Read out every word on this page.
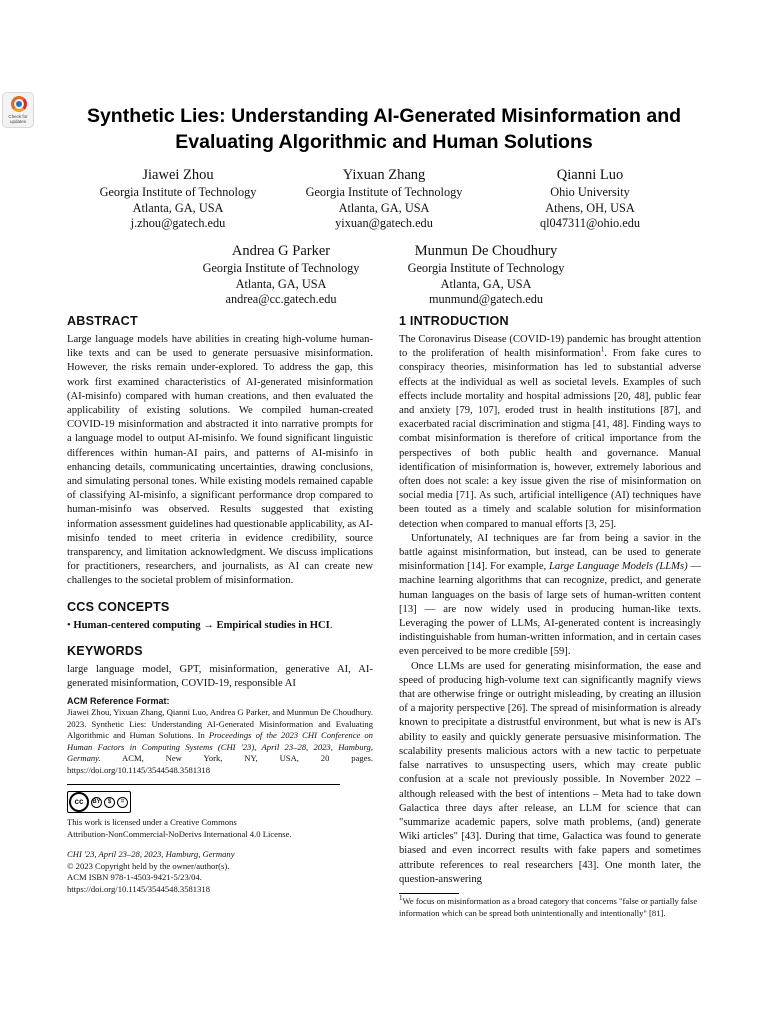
Check for updates	Synthetic Lies: Understanding AI-Generated Misinformation and
Evaluating Algorithmic and Human Solutions
Jiawei Zhou
Georgia Institute of Technology
Atlanta, GA, USA
j.zhou@gatech.edu
Yixuan Zhang
Georgia Institute of Technology
Atlanta, GA, USA
yixuan@gatech.edu
Qianni Luo
Ohio University
Athens, OH, USA
ql047311@ohio.edu
Andrea G Parker
Georgia Institute of Technology
Atlanta, GA, USA
andrea@cc.gatech.edu
Munmun De Choudhury
Georgia Institute of Technology
Atlanta, GA, USA
munmund@gatech.edu
ABSTRACT
Large language models have abilities in creating high-volume human-like texts and can be used to generate persuasive misinformation. However, the risks remain under-explored. To address the gap, this work first examined characteristics of AI-generated misinformation (AI-misinfo) compared with human creations, and then evaluated the applicability of existing solutions. We compiled human-created COVID-19 misinformation and abstracted it into narrative prompts for a language model to output AI-misinfo. We found significant linguistic differences within human-AI pairs, and patterns of AI-misinfo in enhancing details, communicating uncertainties, drawing conclusions, and simulating personal tones. While existing models remained capable of classifying AI-misinfo, a significant performance drop compared to human-misinfo was observed. Results suggested that existing information assessment guidelines had questionable applicability, as AI-misinfo tended to meet criteria in evidence credibility, source transparency, and limitation acknowledgment. We discuss implications for practitioners, researchers, and journalists, as AI can create new challenges to the societal problem of misinformation.
CCS CONCEPTS
• Human-centered computing → Empirical studies in HCI.
KEYWORDS
large language model, GPT, misinformation, generative AI, AI-generated misinformation, COVID-19, responsible AI
ACM Reference Format:
Jiawei Zhou, Yixuan Zhang, Qianni Luo, Andrea G Parker, and Munmun De Choudhury. 2023. Synthetic Lies: Understanding AI-Generated Misinformation and Evaluating Algorithmic and Human Solutions. In Proceedings of the 2023 CHI Conference on Human Factors in Computing Systems (CHI '23), April 23–28, 2023, Hamburg, Germany. ACM, New York, NY, USA, 20 pages. https://doi.org/10.1145/3544548.3581318
cc	BY	$	=
This work is licensed under a Creative Commons
Attribution-NonCommercial-NoDerivs International 4.0 License.
CHI '23, April 23–28, 2023, Hamburg, Germany
© 2023 Copyright held by the owner/author(s).
ACM ISBN 978-1-4503-9421-5/23/04.
https://doi.org/10.1145/3544548.3581318
1 INTRODUCTION
The Coronavirus Disease (COVID-19) pandemic has brought attention to the proliferation of health misinformation$^1$. From fake cures to conspiracy theories, misinformation has led to substantial adverse effects at the individual as well as societal levels. Examples of such effects include mortality and hospital admissions [20, 48], public fear and anxiety [79, 107], eroded trust in health institutions [87], and exacerbated racial discrimination and stigma [41, 48]. Finding ways to combat misinformation is therefore of critical importance from the perspectives of both public health and governance. Manual identification of misinformation is, however, extremely laborious and often does not scale: a key issue given the rise of misinformation on social media [71]. As such, artificial intelligence (AI) techniques have been touted as a timely and scalable solution for misinformation detection when compared to manual efforts [3, 25].
Unfortunately, AI techniques are far from being a savior in the battle against misinformation, but instead, can be used to generate misinformation [14]. For example, Large Language Models (LLMs) — machine learning algorithms that can recognize, predict, and generate human languages on the basis of large sets of human-written content [13] — are now widely used in producing human-like texts. Leveraging the power of LLMs, AI-generated content is increasingly indistinguishable from human-written information, and in certain cases even perceived to be more credible [59].
Once LLMs are used for generating misinformation, the ease and speed of producing high-volume text can significantly magnify views that are otherwise fringe or outright misleading, by creating an illusion of a majority perspective [26]. The spread of misinformation is already known to precipitate a distrustful environment, but what is new is AI's ability to easily and quickly generate persuasive misinformation. The scalability presents malicious actors with a new tactic to perpetuate false narratives to unsuspecting users, which may create public confusion at a scale not previously possible. In November 2022 – although released with the best of intentions – Meta had to take down Galactica three days after release, an LLM for science that can "summarize academic papers, solve math problems, (and) generate Wiki articles" [43]. During that time, Galactica was found to generate biased and even incorrect results with fake papers and sometimes attribute references to real researchers [43]. One month later, the question-answering
$^1$We focus on misinformation as a broad category that concerns "false or partially false information which can be spread both unintentionally and intentionally" [81].
